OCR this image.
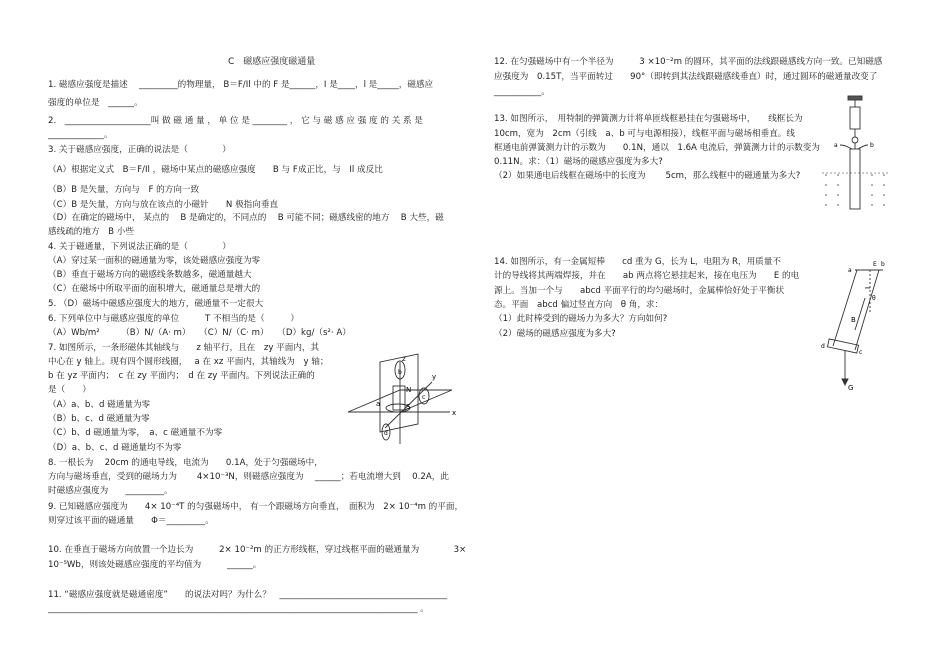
C　磁感应强度磁通量
1. 磁感应强度是描述 　_________的物理量， B＝F/Il 中的 F 是______，I 是____，l 是_____，磁感应
强度的单位是　______。
2.　____________________叫 做 磁 通 量 ， 单 位 是 ________ ， 它 与 磁 感 应 强 度 的 关 系 是
_____________。
3. 关于磁感应强度，正确的说法是（　　　　）
（A）根据定义式　B＝F/Il ，磁场中某点的磁感应强度　　B 与 F成正比，与　Il 成反比
（B）B 是矢量，方向与　F 的方向一致
（C）B 是矢量，方向与放在该点的小磁针　　N 极指向垂直
（D）在确定的磁场中， 某点的　 B 是确定的，不同点的　 B 可能不同；磁感线密的地方　 B 大些，磁
感线疏的地方　B 小些
4. 关于磁通量，下列说法正确的是（　　　　）
（A）穿过某一面积的磁通量为零，该处磁感应强度为零
（B）垂直于磁场方向的磁感线条数越多，磁通量越大
（C）在磁场中所取平面的面积增大，磁通量总是增大的
5. （D）磁场中磁感应强度大的地方，磁通量不一定很大
6. 下列单位中与磁感应强度的单位　　　T 不相当的是（　　　）
（A）Wb/m²　　　（B）N/（A· m）　　（C）N/（C· m）　　（D）kg/（s²· A）
7. 如图所示，一条形磁体其轴线与　　z 轴平行，且在　zy 平面内，其
中心在 y 轴上。现有四个圆形线圈，　 a 在 xz 平面内，其轴线为　y 轴；
b 在 yz 平面内；　c 在 zy 平面内；　d 在 zy 平面内。下列说法正确的
是（　　）
（A）a、b、d 磁通量为零
（B）b、c、d 磁通量为零
（C）b、d 磁通量为零，　a、c 磁通量不为零
（D）a、b、c、d 磁通量均不为零
8. 一根长为　 20cm 的通电导线，电流为　　0.1A，处于匀强磁场中，
方向与磁场垂直，受到的磁场力为　　 4×10⁻³N，则磁感应强度为　 ______；若电流增大到　 0.2A，此
时磁感应强度为　　_________。
9. 已知磁感应强度为　　4× 10⁻⁴T 的匀强磁场中， 有一个跟磁场方向垂直，　面积为　2× 10⁻⁴m 的平面，
则穿过该平面的磁通量　　Φ＝_________。
10. 在垂直于磁场方向放置一个边长为　　　2× 10⁻²m 的正方形线框，穿过线框平面的磁通量为　　　　3×
10⁻⁵Wb，则该处磁感应强度的平均值为　　　______。
11. “磁感应强度就是磁通密度”　　的说法对吗？为什么？　_______________________________________
______________________________________________________________________________________ 。
x
y
z
a
b
c
d
N
S
12. 在匀强磁场中有一个半径为　　　3 ×10⁻²m 的圆环，其平面的法线跟磁感线方向一致。已知磁感
应强度为　0.15T，当平面转过　　90°（即转到其法线跟磁感线垂直）时，通过圆环的磁通量改变了
___________。
13. 如图所示，　用特制的弹簧测力计将单匝线框悬挂在匀强磁场中，　　线框长为
10cm，宽为　2cm（引线　a、b 可与电源相接），线框平面与磁场相垂直。线
框通电前弹簧测力计的示数为　　0.1N，通以　1.6A 电流后，弹簧测力计的示数变为
0.11N。求：（1）磁场的磁感应强度为多大?
（2）如果通电后线框在磁场中的长度为　　 5cm，那么线框中的磁通量为多大?
14. 如图所示，有一金属短棒　　cd 重为 G，长为 L，电阻为 R，用质量不
计的导线将其两端焊接，并在　　ab 两点将它悬挂起来，接在电压为　　E 的电
源上。当加一个与　　abcd 平面平行的均匀磁场时，金属棒恰好处于平衡状
态。平面　abcd 偏过竖直方向　θ 角，求：
（1）此时棒受到的磁场力为多大？方向如何?
（2）磁场的磁感应强度为多大?
a	b
a
b
E
θ
c
d
B
G
